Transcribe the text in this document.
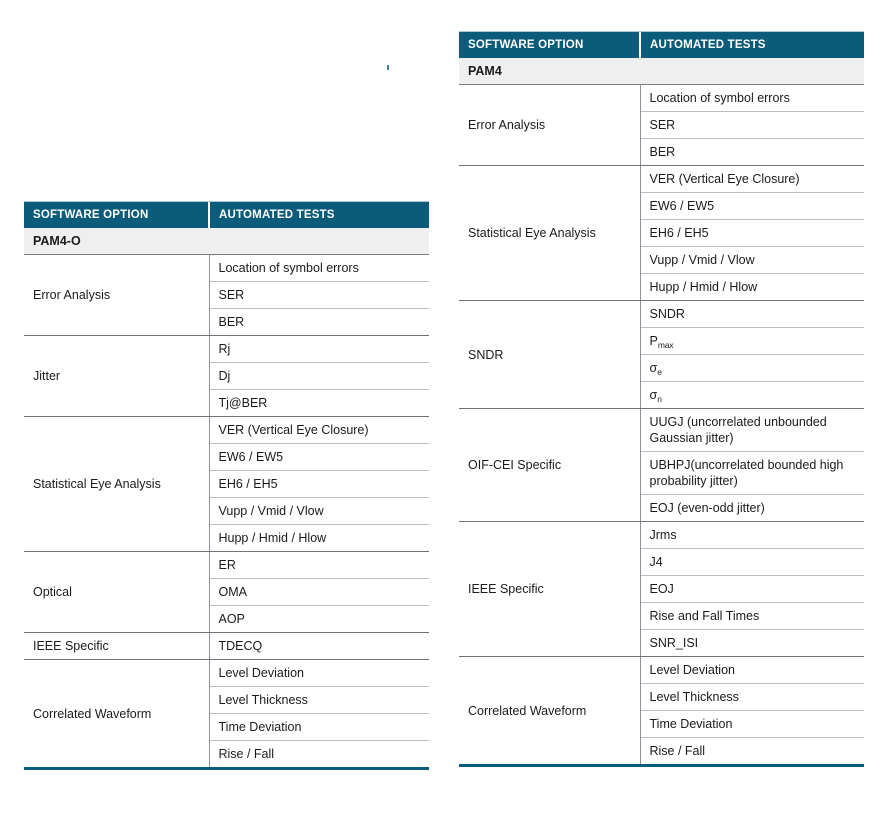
SOFTWARE OPTION	AUTOMATED TESTS
PAM4-O	
Error Analysis	Location of symbol errors
	SER
	BER
Jitter	Rj
	Dj
	Tj@BER
Statistical Eye Analysis	VER (Vertical Eye Closure)
	EW6 / EW5
	EH6 / EH5
	Vupp / Vmid / Vlow
	Hupp / Hmid / Hlow
Optical	ER
	OMA
	AOP
IEEE Specific	TDECQ
Correlated Waveform	Level Deviation
	Level Thickness
	Time Deviation
	Rise / Fall
SOFTWARE OPTION	AUTOMATED TESTS
PAM4	
Error Analysis	Location of symbol errors
	SER
	BER
Statistical Eye Analysis	VER (Vertical Eye Closure)
	EW6 / EW5
	EH6 / EH5
	Vupp / Vmid / Vlow
	Hupp / Hmid / Hlow
SNDR	SNDR
	$P_{max}$
	$\sigma_e$
	$\sigma_n$
OIF-CEI Specific	UUGJ (uncorrelated unbounded Gaussian jitter)
	UBHPJ(uncorrelated bounded high probability jitter)
	EOJ (even-odd jitter)
IEEE Specific	Jrms
	J4
	EOJ
	Rise and Fall Times
	SNR_ISI
Correlated Waveform	Level Deviation
	Level Thickness
	Time Deviation
	Rise / Fall
